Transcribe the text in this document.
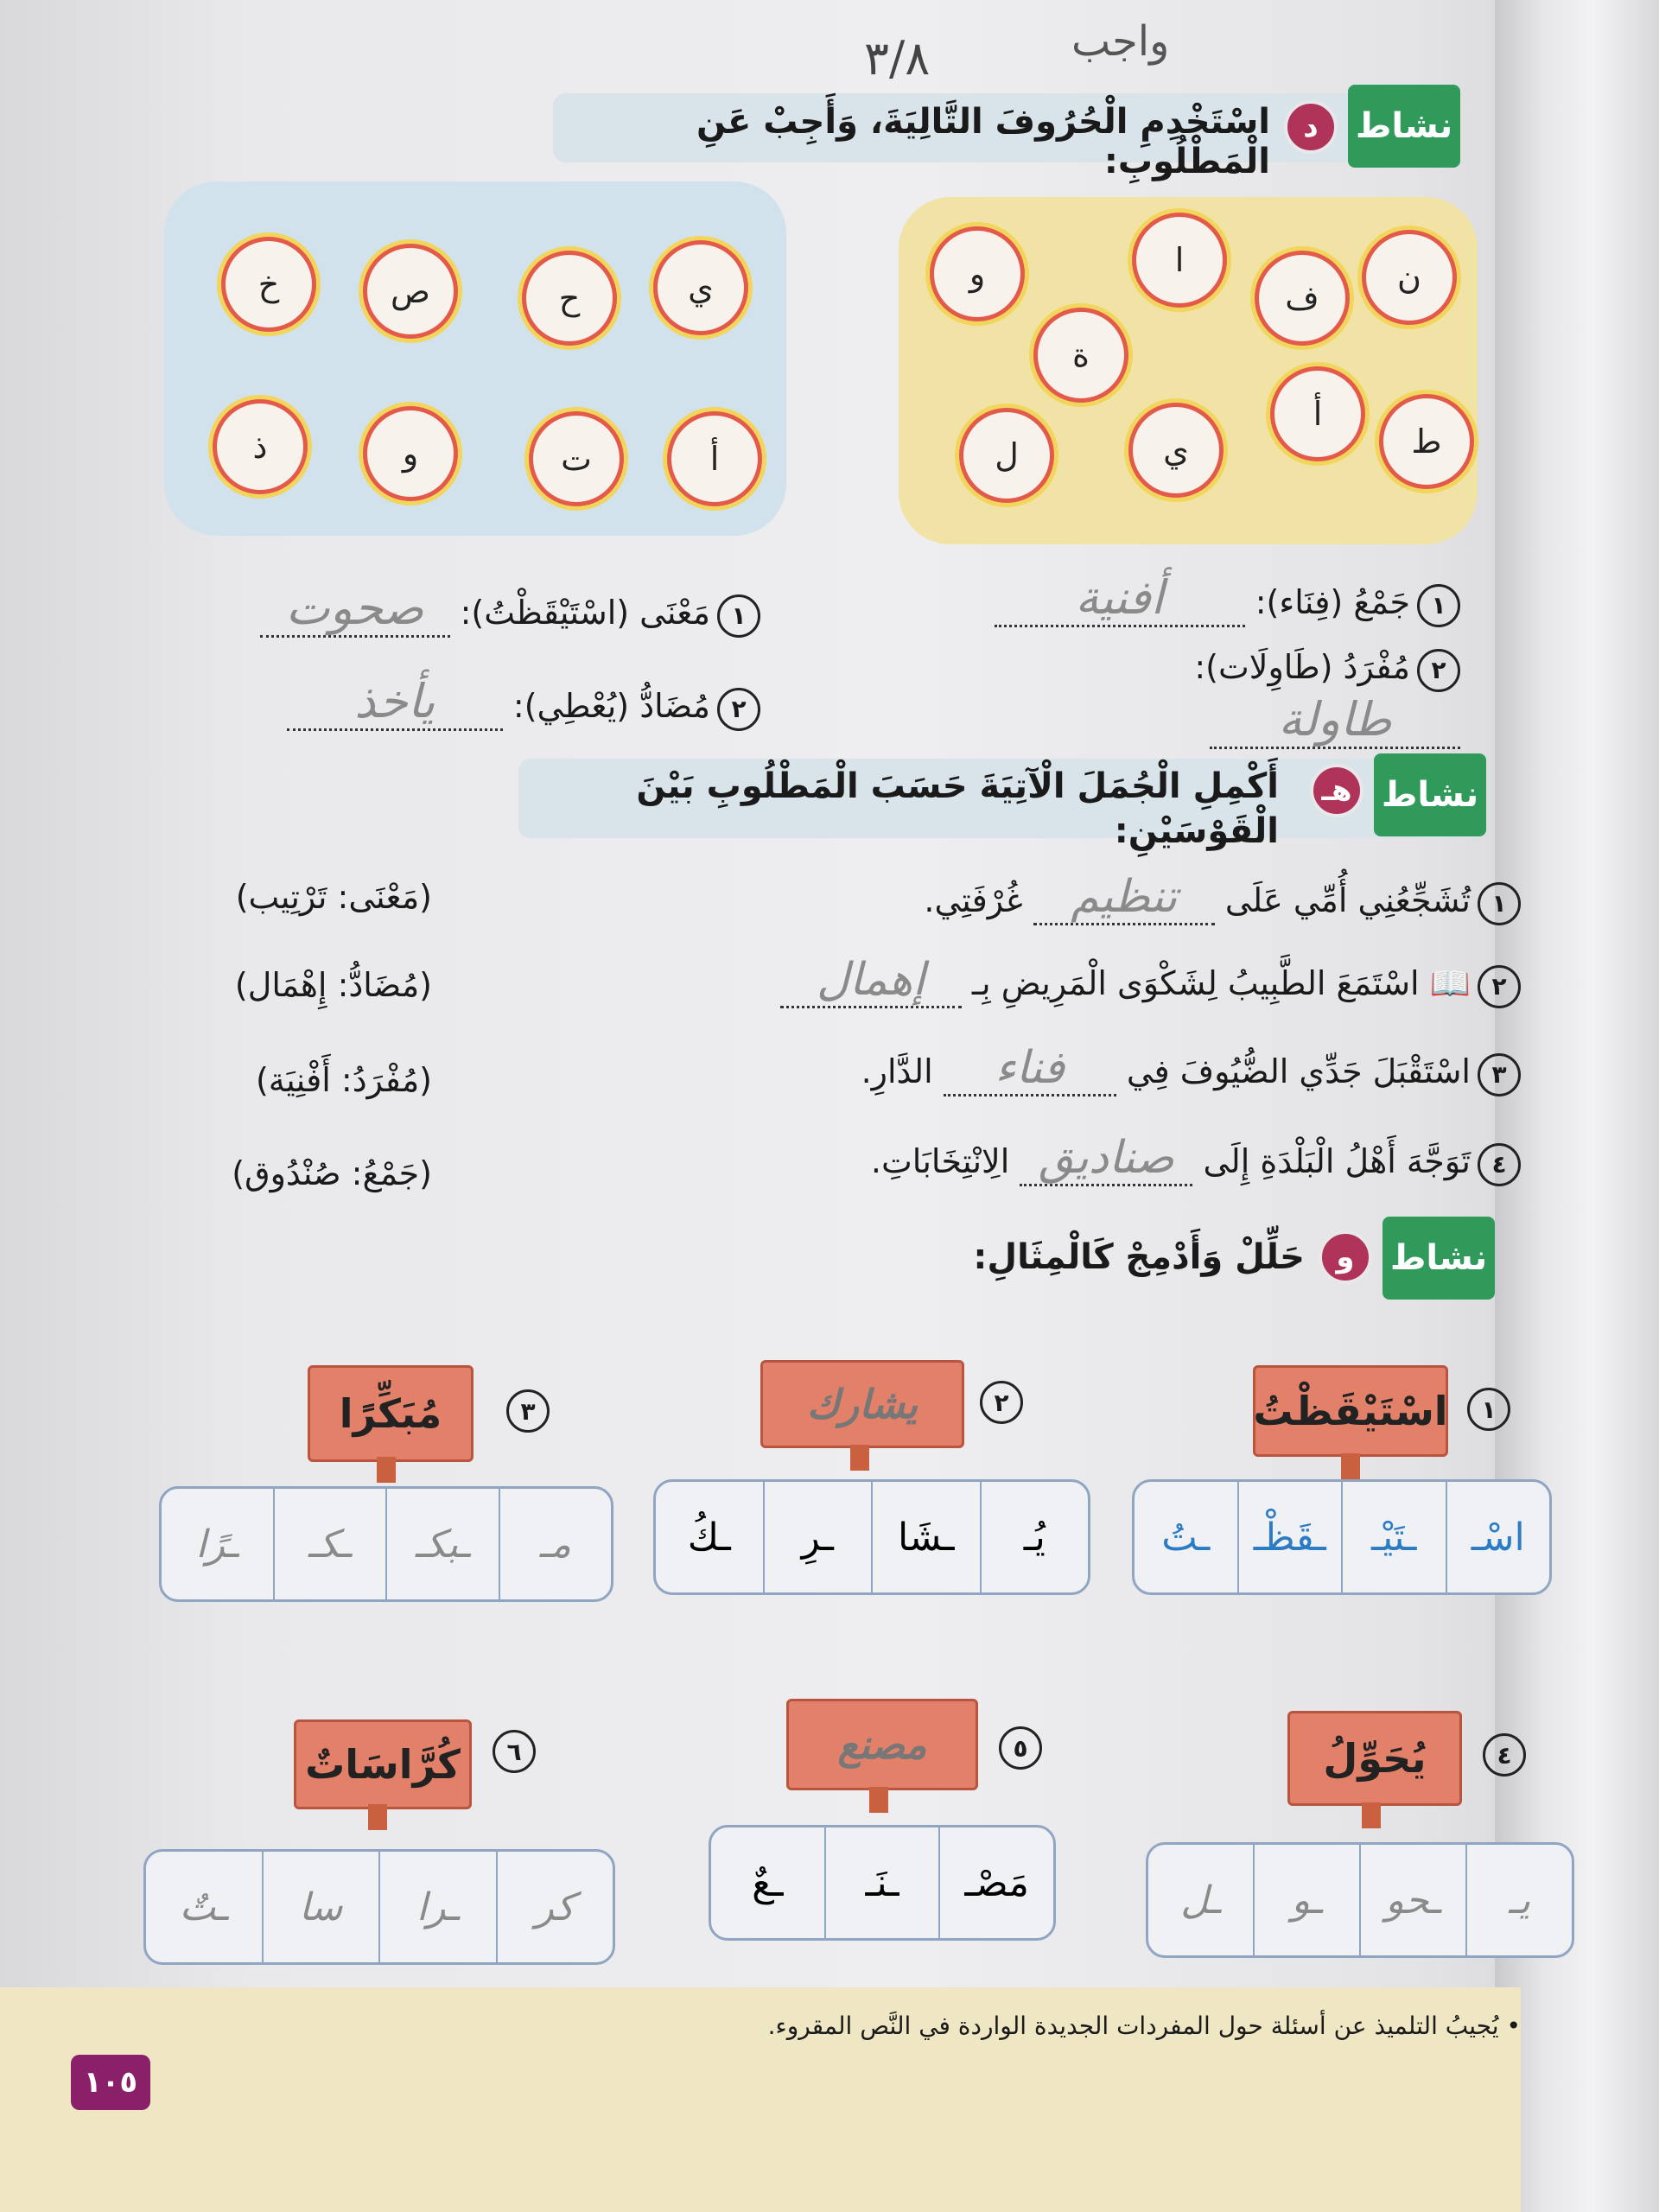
واجب
٣/٨
نشاط
د
اسْتَخْدِمِ الْحُرُوفَ التَّالِيَةَ، وَأَجِبْ عَنِ الْمَطْلُوبِ:
ن
ف
ا
و
ة
ط
أ
ي
ل
ي
ح
ص
خ
أ
ت
و
ذ
١جَمْعُ (فِنَاء): أفنية
٢مُفْرَدُ (طَاوِلَات): طاولة
١مَعْنَى (اسْتَيْقَظْتُ): صحوت
٢مُضَادُّ (يُعْطِي): يأخذ
نشاط
هـ
أَكْمِلِ الْجُمَلَ الْآتِيَةَ حَسَبَ الْمَطْلُوبِ بَيْنَ الْقَوْسَيْنِ:
١تُشَجِّعُنِي أُمِّي عَلَى تنظيم غُرْفَتِي.
(مَعْنَى: تَرْتِيب)
٢📖 اسْتَمَعَ الطَّبِيبُ لِشَكْوَى الْمَرِيضِ بِـ إهمال
(مُضَادُّ: إِهْمَال)
٣اسْتَقْبَلَ جَدِّي الضُّيُوفَ فِي فناء الدَّارِ.
(مُفْرَدُ: أَفْنِيَة)
٤تَوَجَّهَ أَهْلُ الْبَلْدَةِ إِلَى صناديق الِانْتِخَابَاتِ.
(جَمْعُ: صُنْدُوق)
نشاط
و
حَلِّلْ وَأَدْمِجْ كَالْمِثَالِ:
١
اسْتَيْقَظْتُ
اسْـ
ـتَيْـ
ـقَظْـ
ـتُ
٢
يشارك
يُـ
ـشَا
ـرِ
ـكُ
٣
مُبَكِّرًا
مـ
ـبكـ
ـكـ
ـرًا
٤
يُحَوِّلُ
يـ
ـحو
ـو
ـل
٥
مصنع
مَصْـ
ـنَـ
ـعٌ
٦
كُرَّاسَاتٌ
كر
ـرا
سا
ـتٌ
• يُجيبُ التلميذ عن أسئلة حول المفردات الجديدة الواردة في النَّص المقروء.
١٠٥
